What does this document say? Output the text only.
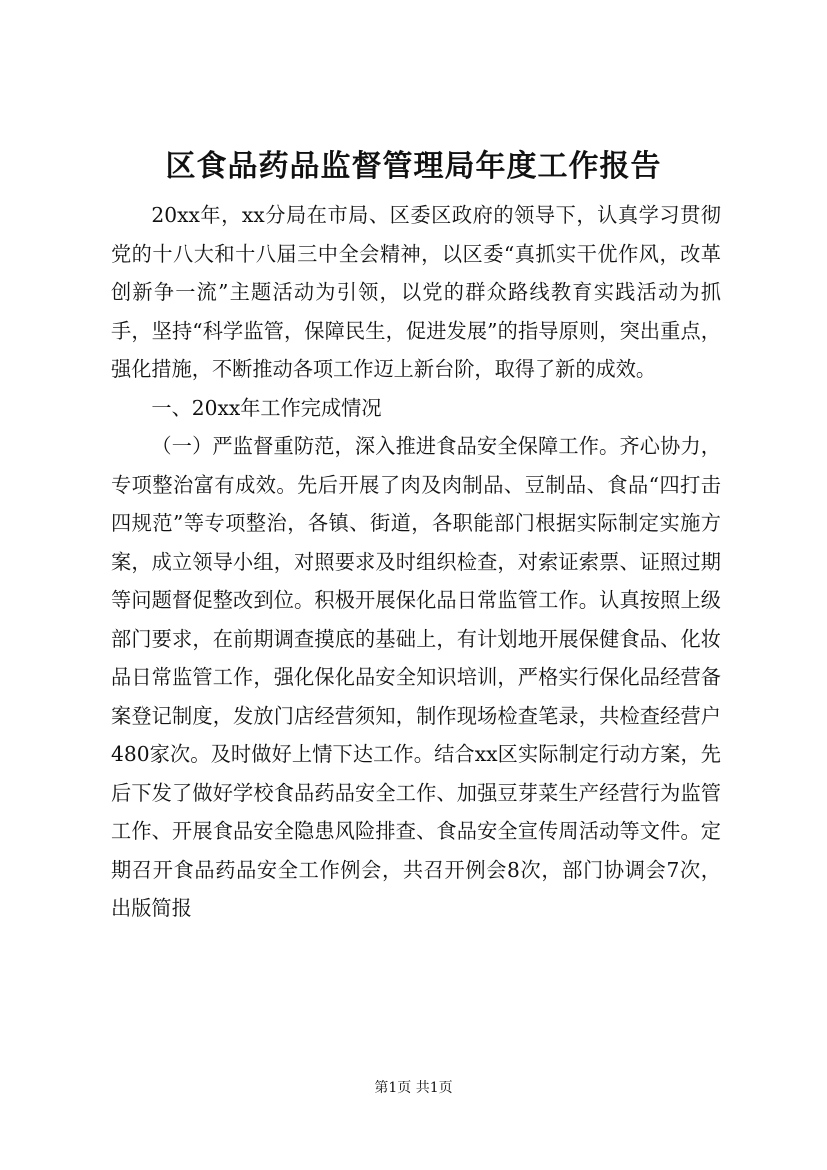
区食品药品监督管理局年度工作报告

20xx年，xx分局在市局、区委区政府的领导下，认真学习贯彻党的十八大和十八届三中全会精神，以区委“真抓实干优作风，改革创新争一流”主题活动为引领，以党的群众路线教育实践活动为抓手，坚持“科学监管，保障民生，促进发展”的指导原则，突出重点，强化措施，不断推动各项工作迈上新台阶，取得了新的成效。

一、20xx年工作完成情况

（一）严监督重防范，深入推进食品安全保障工作。齐心协力，专项整治富有成效。先后开展了肉及肉制品、豆制品、食品“四打击四规范”等专项整治，各镇、街道，各职能部门根据实际制定实施方案，成立领导小组，对照要求及时组织检查，对索证索票、证照过期等问题督促整改到位。积极开展保化品日常监管工作。认真按照上级部门要求，在前期调查摸底的基础上，有计划地开展保健食品、化妆品日常监管工作，强化保化品安全知识培训，严格实行保化品经营备案登记制度，发放门店经营须知，制作现场检查笔录，共检查经营户480家次。及时做好上情下达工作。结合xx区实际制定行动方案，先后下发了做好学校食品药品安全工作、加强豆芽菜生产经营行为监管工作、开展食品安全隐患风险排查、食品安全宣传周活动等文件。定期召开食品药品安全工作例会，共召开例会8次，部门协调会7次，出版简报

第1页 共1页
